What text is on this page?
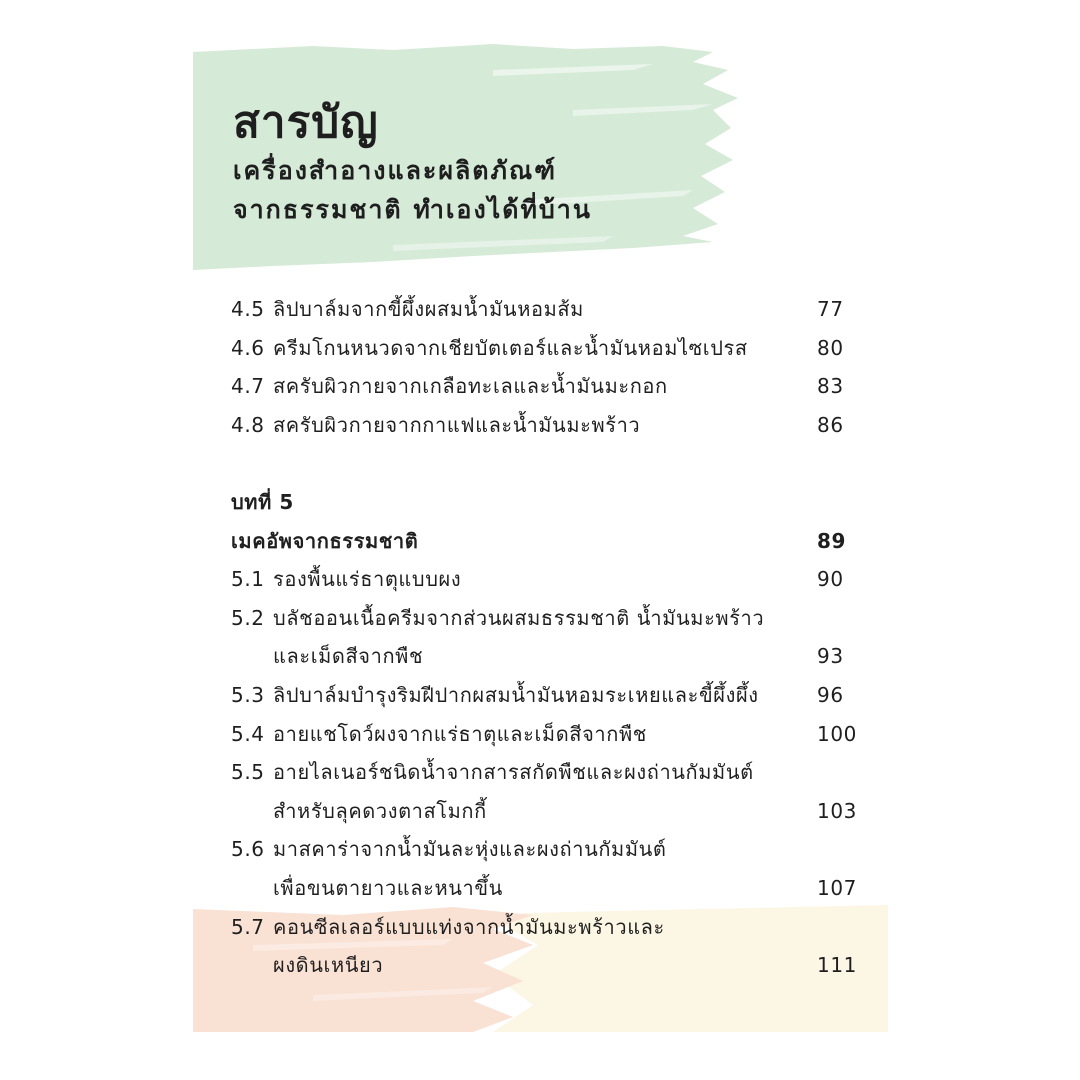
สารบัญ
เครื่องสำอางและผลิตภัณฑ์
จากธรรมชาติ ทำเองได้ที่บ้าน
4.5 ลิปบาล์มจากขี้ผึ้งผสมน้ำมันหอมส้ม	77
4.6 ครีมโกนหนวดจากเชียบัตเตอร์และน้ำมันหอมไซเปรส	80
4.7 สครับผิวกายจากเกลือทะเลและน้ำมันมะกอก	83
4.8 สครับผิวกายจากกาแฟและน้ำมันมะพร้าว	86
บทที่ 5
เมคอัพจากธรรมชาติ	89
5.1 รองพื้นแร่ธาตุแบบผง	90
5.2 บลัชออนเนื้อครีมจากส่วนผสมธรรมชาติ น้ำมันมะพร้าว
และเม็ดสีจากพืช	93
5.3 ลิปบาล์มบำรุงริมฝีปากผสมน้ำมันหอมระเหยและขี้ผึ้งผึ้ง	96
5.4 อายแชโดว์ผงจากแร่ธาตุและเม็ดสีจากพืช	100
5.5 อายไลเนอร์ชนิดน้ำจากสารสกัดพืชและผงถ่านกัมมันต์
สำหรับลุคดวงตาสโมกกี้	103
5.6 มาสคาร่าจากน้ำมันละหุ่งและผงถ่านกัมมันต์
เพื่อขนตายาวและหนาขึ้น	107
5.7 คอนซีลเลอร์แบบแท่งจากน้ำมันมะพร้าวและ
ผงดินเหนียว	111
